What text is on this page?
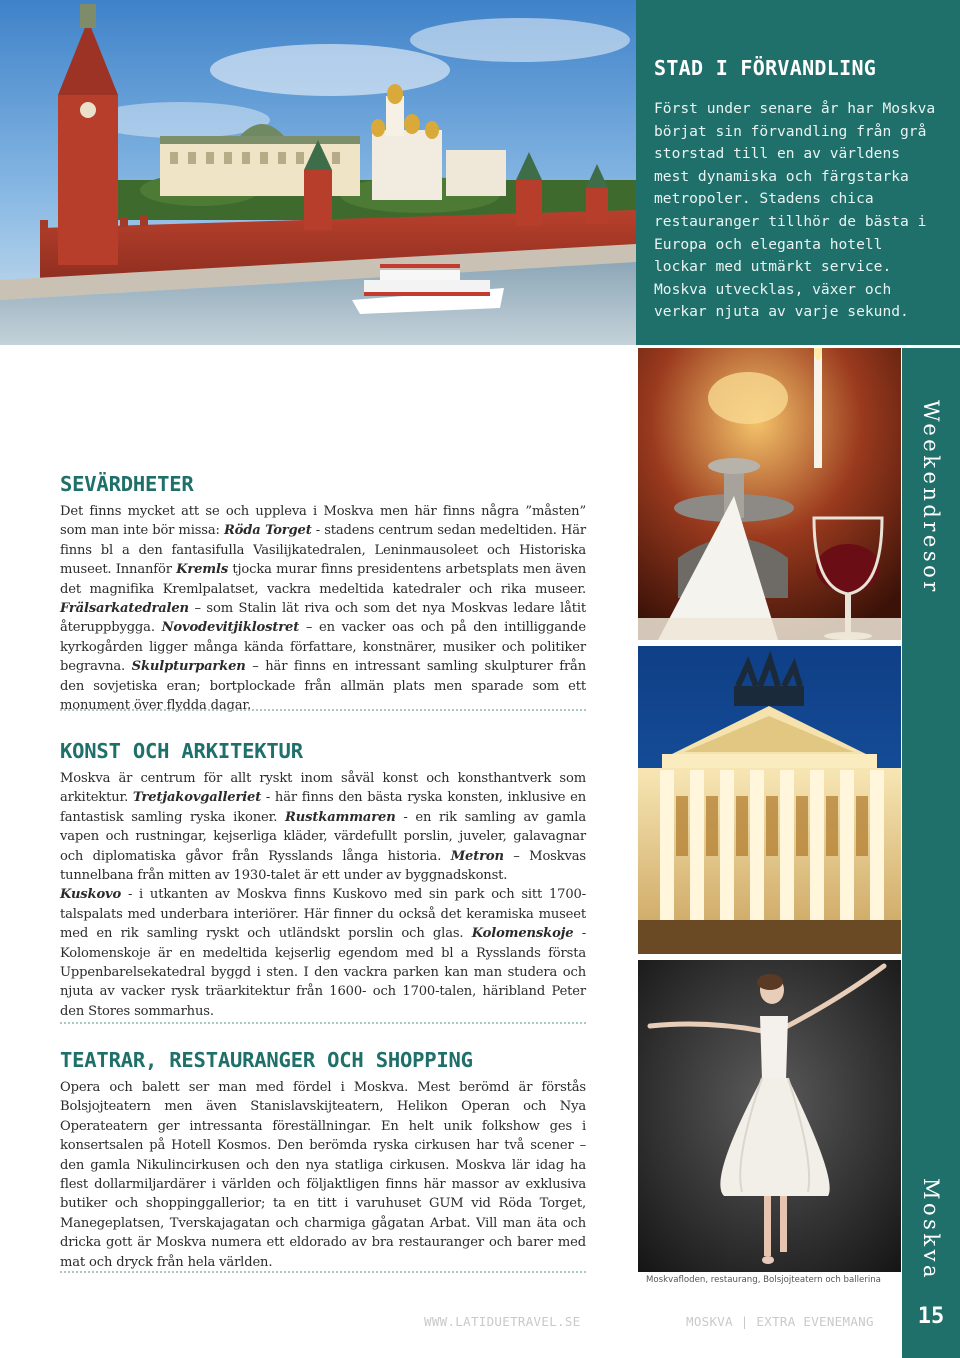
STAD I FÖRVANDLING
Först under senare år har Moskva börjat sin förvandling från grå storstad till en av världens mest dynamiska och färgstarka metropoler. Stadens chica restauranger tillhör de bästa i Europa och eleganta hotell lockar med utmärkt service. Moskva utvecklas, växer och verkar njuta av varje sekund.
Moskvafloden, restaurang, Bolsjojteatern och ballerina
Weekendresor
Moskva
15
SEVÄRDHETER
Det finns mycket att se och uppleva i Moskva men här finns några ”måsten” som man inte bör missa: Röda Torget - stadens centrum sedan medeltiden. Här finns bl a den fantasifulla Vasilijkatedralen, Leninmausoleet och Historiska museet. Innanför Kremls tjocka murar finns presidentens arbetsplats men även det magnifika Kremlpalatset, vackra medeltida katedraler och rika museer. Frälsarkatedralen – som Stalin lät riva och som det nya Moskvas ledare låtit återuppbygga. Novodevitjiklostret – en vacker oas och på den intilliggande kyrkogården ligger många kända författare, konstnärer, musiker och politiker begravna. Skulpturparken – här finns en intressant samling skulpturer från den sovjetiska eran; bortplockade från allmän plats men sparade som ett monument över flydda dagar.
KONST OCH ARKITEKTUR

Moskva är centrum för allt ryskt inom såväl konst och konsthantverk som arkitektur. Tretjakovgalleriet - här finns den bästa ryska konsten, inklusive en fantastisk samling ryska ikoner. Rustkammaren - en rik samling av gamla vapen och rustningar, kejserliga kläder, värdefullt porslin, juveler, galavagnar och diplomatiska gåvor från Rysslands långa historia. Metron – Moskvas tunnelbana från mitten av 1930-talet är ett under av byggnadskonst.

Kuskovo - i utkanten av Moskva finns Kuskovo med sin park och sitt 1700-talspalats med underbara interiörer. Här finner du också det keramiska museet med en rik samling ryskt och utländskt porslin och glas. Kolomenskoje - Kolomenskoje är en medeltida kejserlig egendom med bl a Rysslands första Uppenbarelsekatedral byggd i sten. I den vackra parken kan man studera och njuta av vacker rysk träarkitektur från 1600- och 1700-talen, häribland Peter den Stores sommarhus.

TEATRAR, RESTAURANGER OCH SHOPPING
Opera och balett ser man med fördel i Moskva. Mest berömd är förstås Bolsjojteatern men även Stanislavskijteatern, Helikon Operan och Nya Operateatern ger intressanta föreställningar. En helt unik folkshow ges i konsertsalen på Hotell Kosmos. Den berömda ryska cirkusen har två scener – den gamla Nikulincirkusen och den nya statliga cirkusen. Moskva lär idag ha flest dollarmiljardärer i världen och följaktligen finns här massor av exklusiva butiker och shoppinggallerior; ta en titt i varuhuset GUM vid Röda Torget, Manegeplatsen, Tverskajagatan och charmiga gågatan Arbat. Vill man äta och dricka gott är Moskva numera ett eldorado av bra restauranger och barer med mat och dryck från hela världen.
WWW.LATIDUETRAVEL.SE	MOSKVA | EXTRA EVENEMANG
